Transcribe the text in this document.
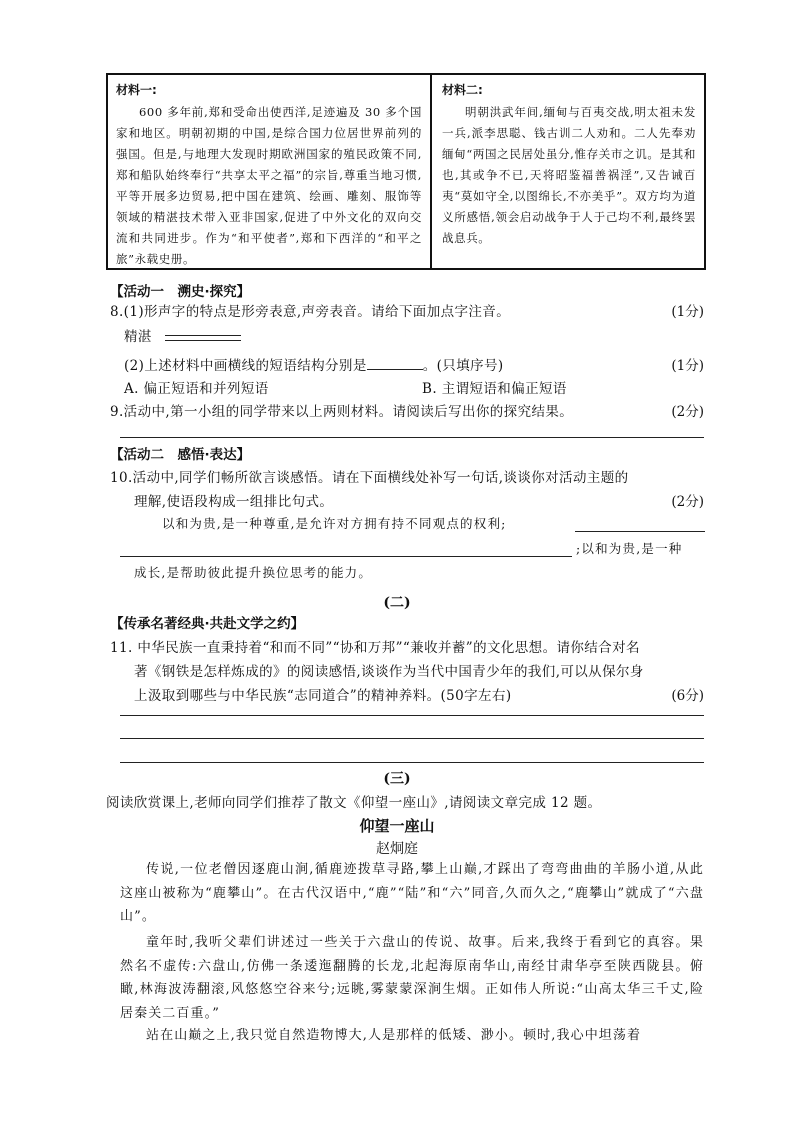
材料一:
600 多年前,郑和受命出使西洋,足迹遍及 30 多个国家和地区。明朝初期的中国,是综合国力位居世界前列的强国。但是,与地理大发现时期欧洲国家的殖民政策不同,郑和船队始终奉行“共享太平之福”的宗旨,尊重当地习惯,平等开展多边贸易,把中国在建筑、绘画、雕刻、服饰等领域的精湛技术带入亚非国家,促进了中外文化的双向交流和共同进步。作为“和平使者”,郑和下西洋的“和平之旅”永载史册。
材料二:
明朝洪武年间,缅甸与百夷交战,明太祖未发一兵,派李思聪、钱古训二人劝和。二人先奉劝缅甸“两国之民居处虽分,惟存关市之讥。是其和也,其或争不已,天将昭鉴福善祸淫”,又告诫百夷“莫如守全,以图绵长,不亦美乎”。双方均为道义所感悟,领会启动战争于人于己均不利,最终罢战息兵。
【活动一　溯史·探究】
8.(1)形声字的特点是形旁表意,声旁表音。请给下面加点字注音。	(1分)
精湛
(2)上述材料中画横线的短语结构分别是	。(只填序号)	(1分)
A. 偏正短语和并列短语	B. 主谓短语和偏正短语
9.活动中,第一小组的同学带来以上两则材料。请阅读后写出你的探究结果。	(2分)
【活动二　感悟·表达】
10.活动中,同学们畅所欲言谈感悟。请在下面横线处补写一句话,谈谈你对活动主题的
理解,使语段构成一组排比句式。	(2分)
以和为贵,是一种尊重,是允许对方拥有持不同观点的权利;
;以和为贵,是一种
成长,是帮助彼此提升换位思考的能力。
(二)
【传承名著经典·共赴文学之约】
11. 中华民族一直秉持着“和而不同”“协和万邦”“兼收并蓄”的文化思想。请你结合对名
著《钢铁是怎样炼成的》的阅读感悟,谈谈作为当代中国青少年的我们,可以从保尔身
上汲取到哪些与中华民族“志同道合”的精神养料。(50字左右)	(6分)
(三)
阅读欣赏课上,老师向同学们推荐了散文《仰望一座山》,请阅读文章完成 12 题。
仰望一座山
赵炯庭
传说,一位老僧因逐鹿山涧,循鹿迹拨草寻路,攀上山巅,才踩出了弯弯曲曲的羊肠小道,从此这座山被称为“鹿攀山”。在古代汉语中,“鹿”“陆”和“六”同音,久而久之,“鹿攀山”就成了“六盘山”。
童年时,我听父辈们讲述过一些关于六盘山的传说、故事。后来,我终于看到它的真容。果然名不虚传:六盘山,仿佛一条逶迤翻腾的长龙,北起海原南华山,南经甘肃华亭至陕西陇县。俯瞰,林海波涛翻滚,风悠悠空谷来兮;远眺,雾蒙蒙深涧生烟。正如伟人所说:“山高太华三千丈,险居秦关二百重。”
站在山巅之上,我只觉自然造物博大,人是那样的低矮、渺小。顿时,我心中坦荡着
